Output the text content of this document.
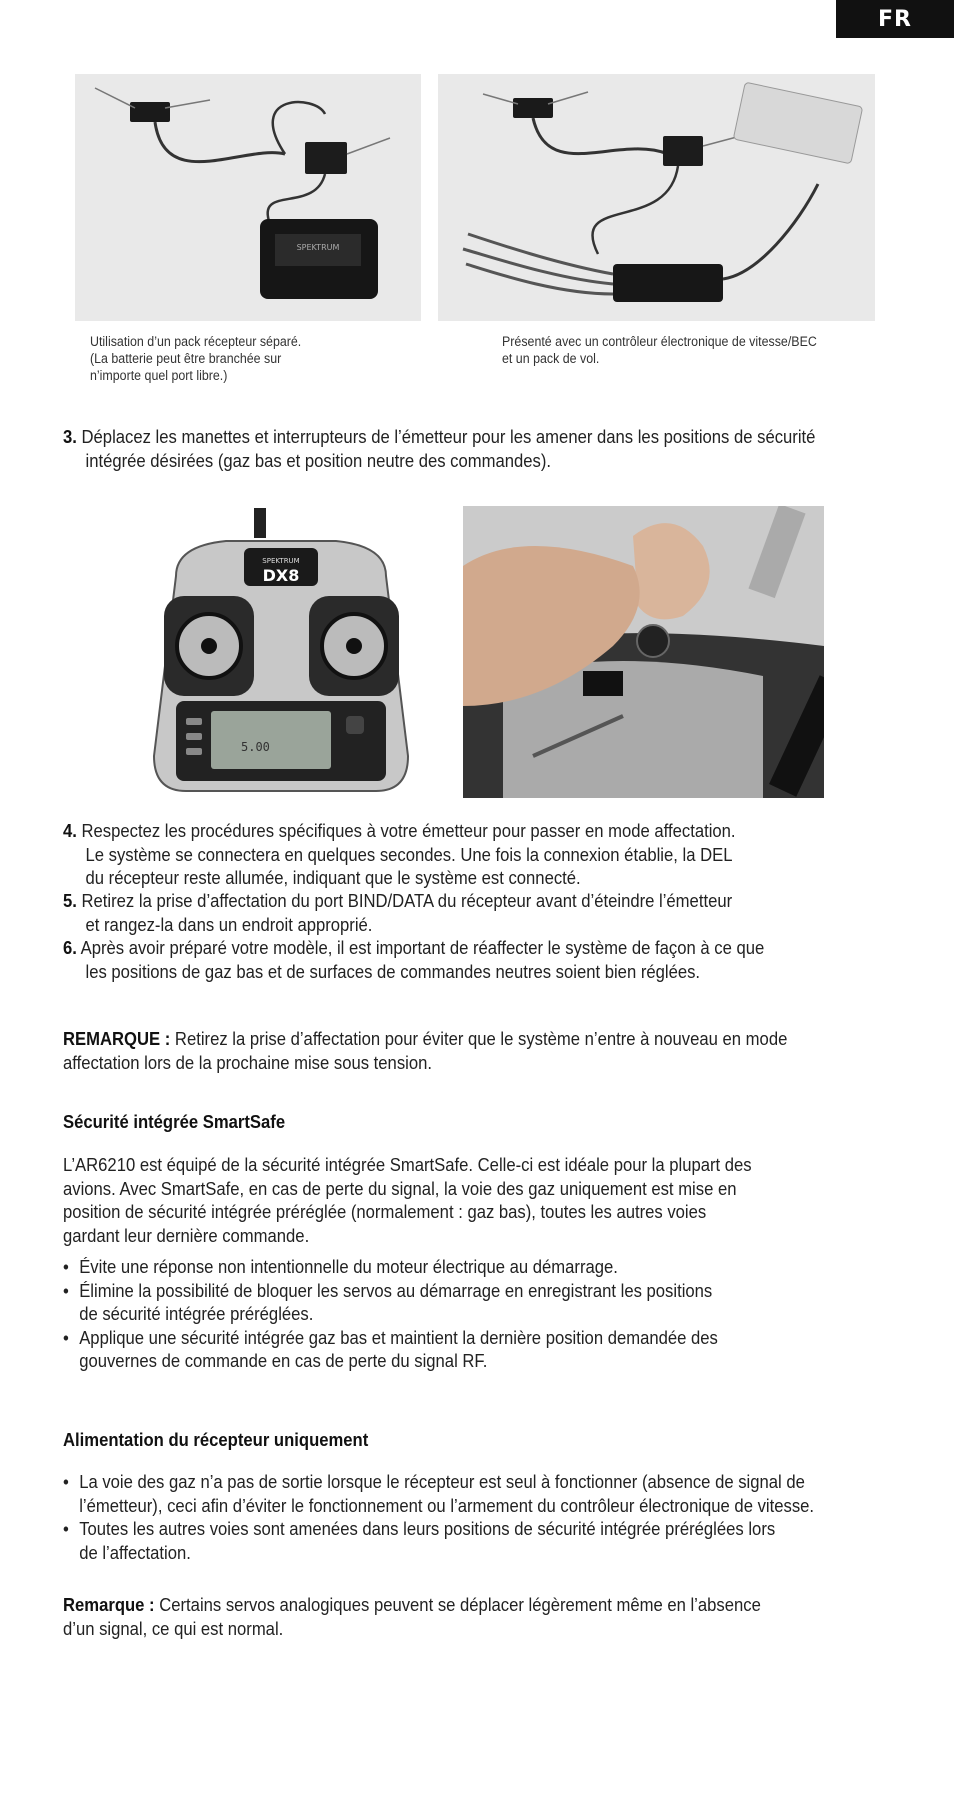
FR
SPEKTRUM
Utilisation d’un pack récepteur séparé.
(La batterie peut être branchée sur
n’importe quel port libre.)
Présenté avec un contrôleur électronique de vitesse/BEC
et un pack de vol.
3. Déplacez les manettes et interrupteurs de l’émetteur pour les amener dans les positions de sécurité
intégrée désirées (gaz bas et position neutre des commandes).
SPEKTRUM
DX8
5.00
4. Respectez les procédures spécifiques à votre émetteur pour passer en mode affectation.
Le système se connectera en quelques secondes. Une fois la connexion établie, la DEL
du récepteur reste allumée, indiquant que le système est connecté.
5. Retirez la prise d’affectation du port BIND/DATA du récepteur avant d’éteindre l’émetteur
et rangez-la dans un endroit approprié.
6. Après avoir préparé votre modèle, il est important de réaffecter le système de façon à ce que
les positions de gaz bas et de surfaces de commandes neutres soient bien réglées.
REMARQUE : Retirez la prise d’affectation pour éviter que le système n’entre à nouveau en mode
affectation lors de la prochaine mise sous tension.
Sécurité intégrée SmartSafe
L’AR6210 est équipé de la sécurité intégrée SmartSafe. Celle-ci est idéale pour la plupart des
avions. Avec SmartSafe, en cas de perte du signal, la voie des gaz uniquement est mise en
position de sécurité intégrée préréglée (normalement : gaz bas), toutes les autres voies
gardant leur dernière commande.
• Évite une réponse non intentionnelle du moteur électrique au démarrage.
• Élimine la possibilité de bloquer les servos au démarrage en enregistrant les positions
de sécurité intégrée préréglées.
• Applique une sécurité intégrée gaz bas et maintient la dernière position demandée des
gouvernes de commande en cas de perte du signal RF.
Alimentation du récepteur uniquement
• La voie des gaz n’a pas de sortie lorsque le récepteur est seul à fonctionner (absence de signal de
l’émetteur), ceci afin d’éviter le fonctionnement ou l’armement du contrôleur électronique de vitesse.
• Toutes les autres voies sont amenées dans leurs positions de sécurité intégrée préréglées lors
de l’affectation.
Remarque : Certains servos analogiques peuvent se déplacer légèrement même en l’absence
d’un signal, ce qui est normal.
